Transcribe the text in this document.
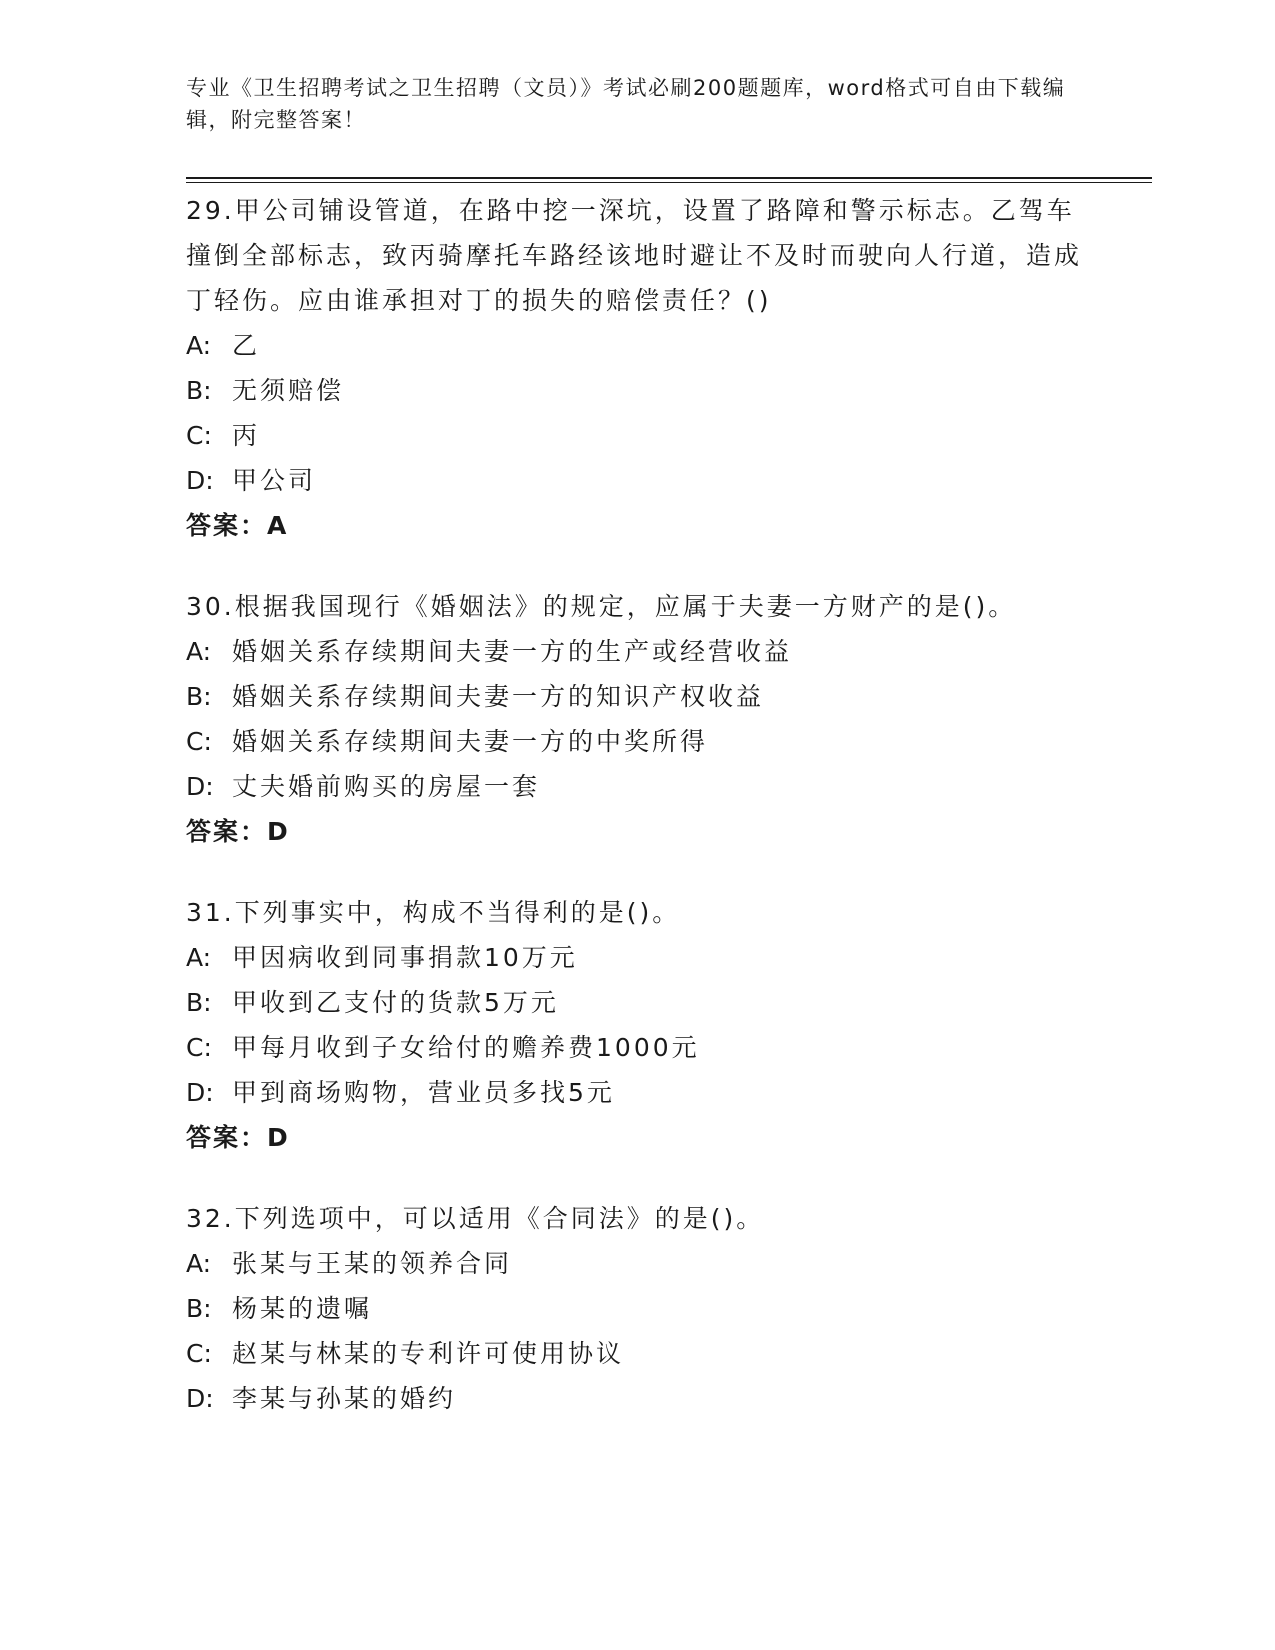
专业《卫生招聘考试之卫生招聘（文员）》考试必刷200题题库，word格式可自由下载编辑，附完整答案！

29.甲公司铺设管道，在路中挖一深坑，设置了路障和警示标志。乙驾车撞倒全部标志，致丙骑摩托车路经该地时避让不及时而驶向人行道，造成丁轻伤。应由谁承担对丁的损失的赔偿责任？()

A: 乙

B: 无须赔偿

C: 丙

D: 甲公司

答案：A

30.根据我国现行《婚姻法》的规定，应属于夫妻一方财产的是()。

A: 婚姻关系存续期间夫妻一方的生产或经营收益

B: 婚姻关系存续期间夫妻一方的知识产权收益

C: 婚姻关系存续期间夫妻一方的中奖所得

D: 丈夫婚前购买的房屋一套

答案：D

31.下列事实中，构成不当得利的是()。

A: 甲因病收到同事捐款10万元

B: 甲收到乙支付的货款5万元

C: 甲每月收到子女给付的赡养费1000元

D: 甲到商场购物，营业员多找5元

答案：D

32.下列选项中，可以适用《合同法》的是()。

A: 张某与王某的领养合同

B: 杨某的遗嘱

C: 赵某与林某的专利许可使用协议

D: 李某与孙某的婚约
